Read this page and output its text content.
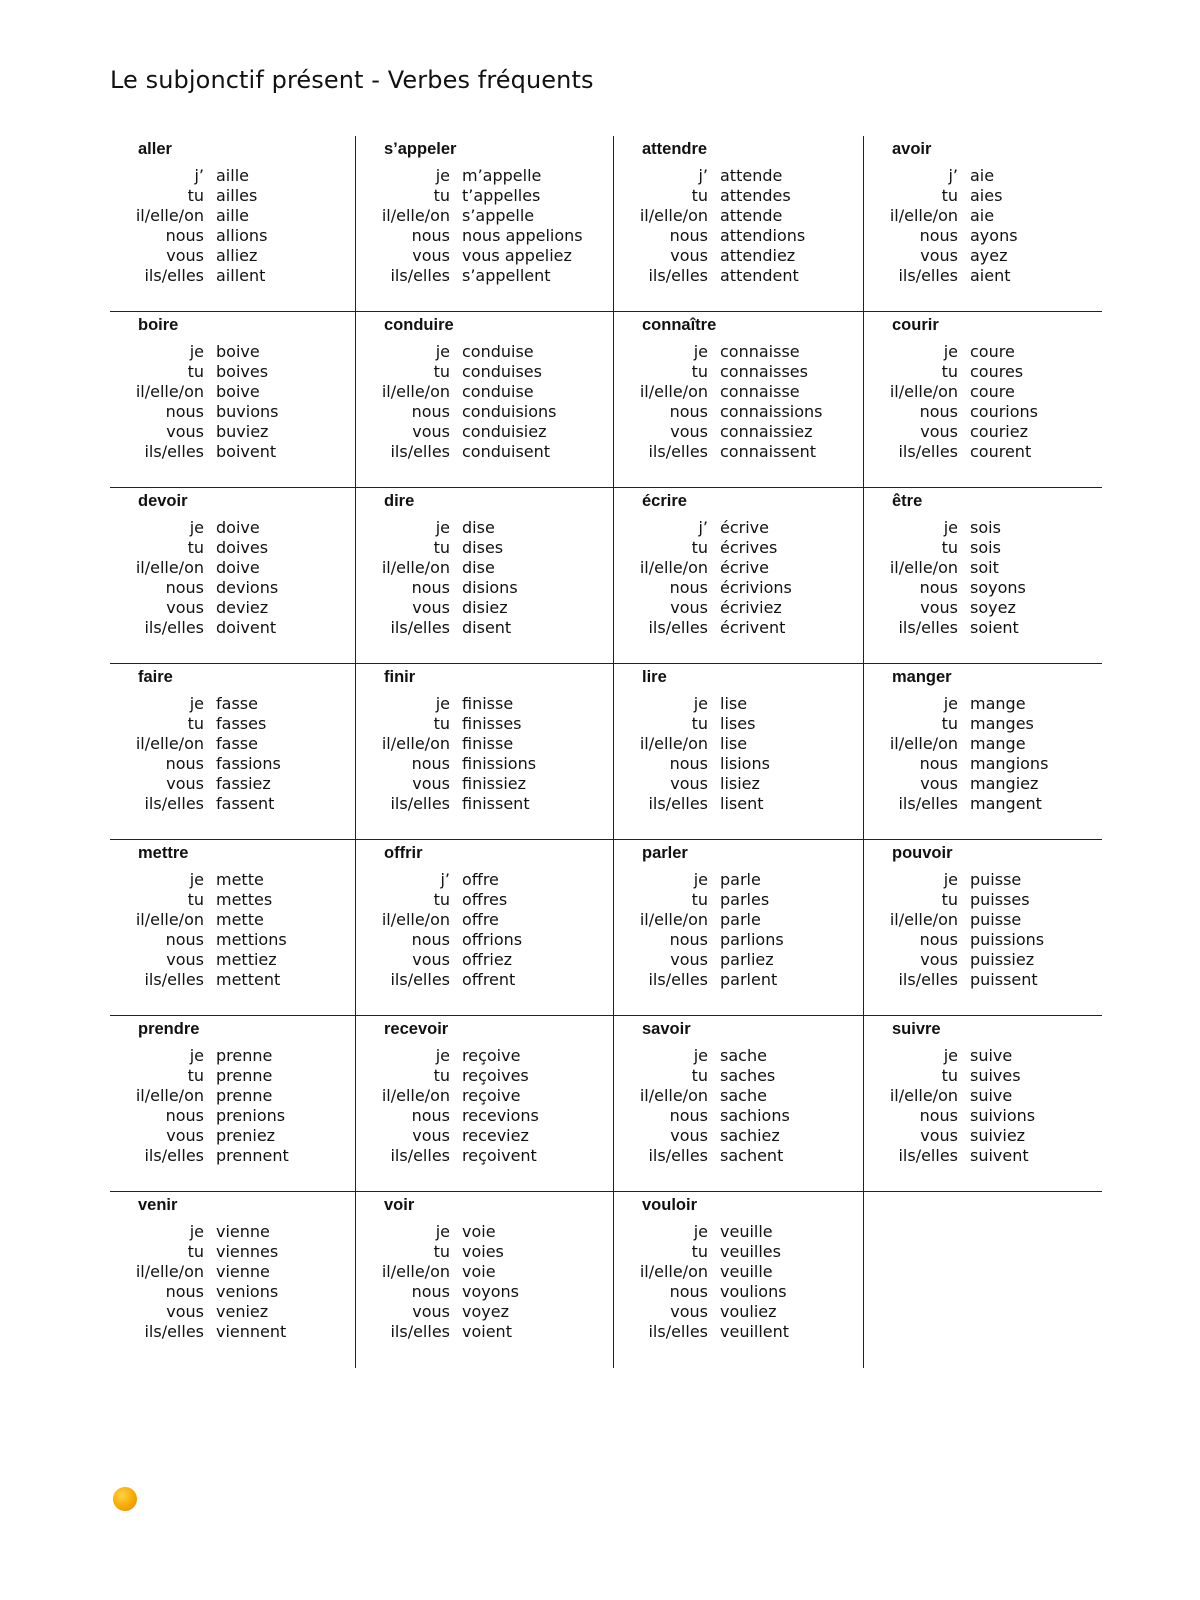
Le subjonctif présent - Verbes fréquents
aller
j’ aille
tu ailles
il/elle/on aille
nous allions
vous alliez
ils/elles aillent
s’appeler
je m’appelle
tu t’appelles
il/elle/on s’appelle
nous nous appelions
vous vous appeliez
ils/elles s’appellent
attendre
j’ attende
tu attendes
il/elle/on attende
nous attendions
vous attendiez
ils/elles attendent
avoir
j’ aie
tu aies
il/elle/on aie
nous ayons
vous ayez
ils/elles aient
boire
je boive
tu boives
il/elle/on boive
nous buvions
vous buviez
ils/elles boivent
conduire
je conduise
tu conduises
il/elle/on conduise
nous conduisions
vous conduisiez
ils/elles conduisent
connaître
je connaisse
tu connaisses
il/elle/on connaisse
nous connaissions
vous connaissiez
ils/elles connaissent
courir
je coure
tu coures
il/elle/on coure
nous courions
vous couriez
ils/elles courent
devoir
je doive
tu doives
il/elle/on doive
nous devions
vous deviez
ils/elles doivent
dire
je dise
tu dises
il/elle/on dise
nous disions
vous disiez
ils/elles disent
écrire
j’ écrive
tu écrives
il/elle/on écrive
nous écrivions
vous écriviez
ils/elles écrivent
être
je sois
tu sois
il/elle/on soit
nous soyons
vous soyez
ils/elles soient
faire
je fasse
tu fasses
il/elle/on fasse
nous fassions
vous fassiez
ils/elles fassent
finir
je finisse
tu finisses
il/elle/on finisse
nous finissions
vous finissiez
ils/elles finissent
lire
je lise
tu lises
il/elle/on lise
nous lisions
vous lisiez
ils/elles lisent
manger
je mange
tu manges
il/elle/on mange
nous mangions
vous mangiez
ils/elles mangent
mettre
je mette
tu mettes
il/elle/on mette
nous mettions
vous mettiez
ils/elles mettent
offrir
j’ offre
tu offres
il/elle/on offre
nous offrions
vous offriez
ils/elles offrent
parler
je parle
tu parles
il/elle/on parle
nous parlions
vous parliez
ils/elles parlent
pouvoir
je puisse
tu puisses
il/elle/on puisse
nous puissions
vous puissiez
ils/elles puissent
prendre
je prenne
tu prenne
il/elle/on prenne
nous prenions
vous preniez
ils/elles prennent
recevoir
je reçoive
tu reçoives
il/elle/on reçoive
nous recevions
vous receviez
ils/elles reçoivent
savoir
je sache
tu saches
il/elle/on sache
nous sachions
vous sachiez
ils/elles sachent
suivre
je suive
tu suives
il/elle/on suive
nous suivions
vous suiviez
ils/elles suivent
venir
je vienne
tu viennes
il/elle/on vienne
nous venions
vous veniez
ils/elles viennent
voir
je voie
tu voies
il/elle/on voie
nous voyons
vous voyez
ils/elles voient
vouloir
je veuille
tu veuilles
il/elle/on veuille
nous voulions
vous vouliez
ils/elles veuillent
